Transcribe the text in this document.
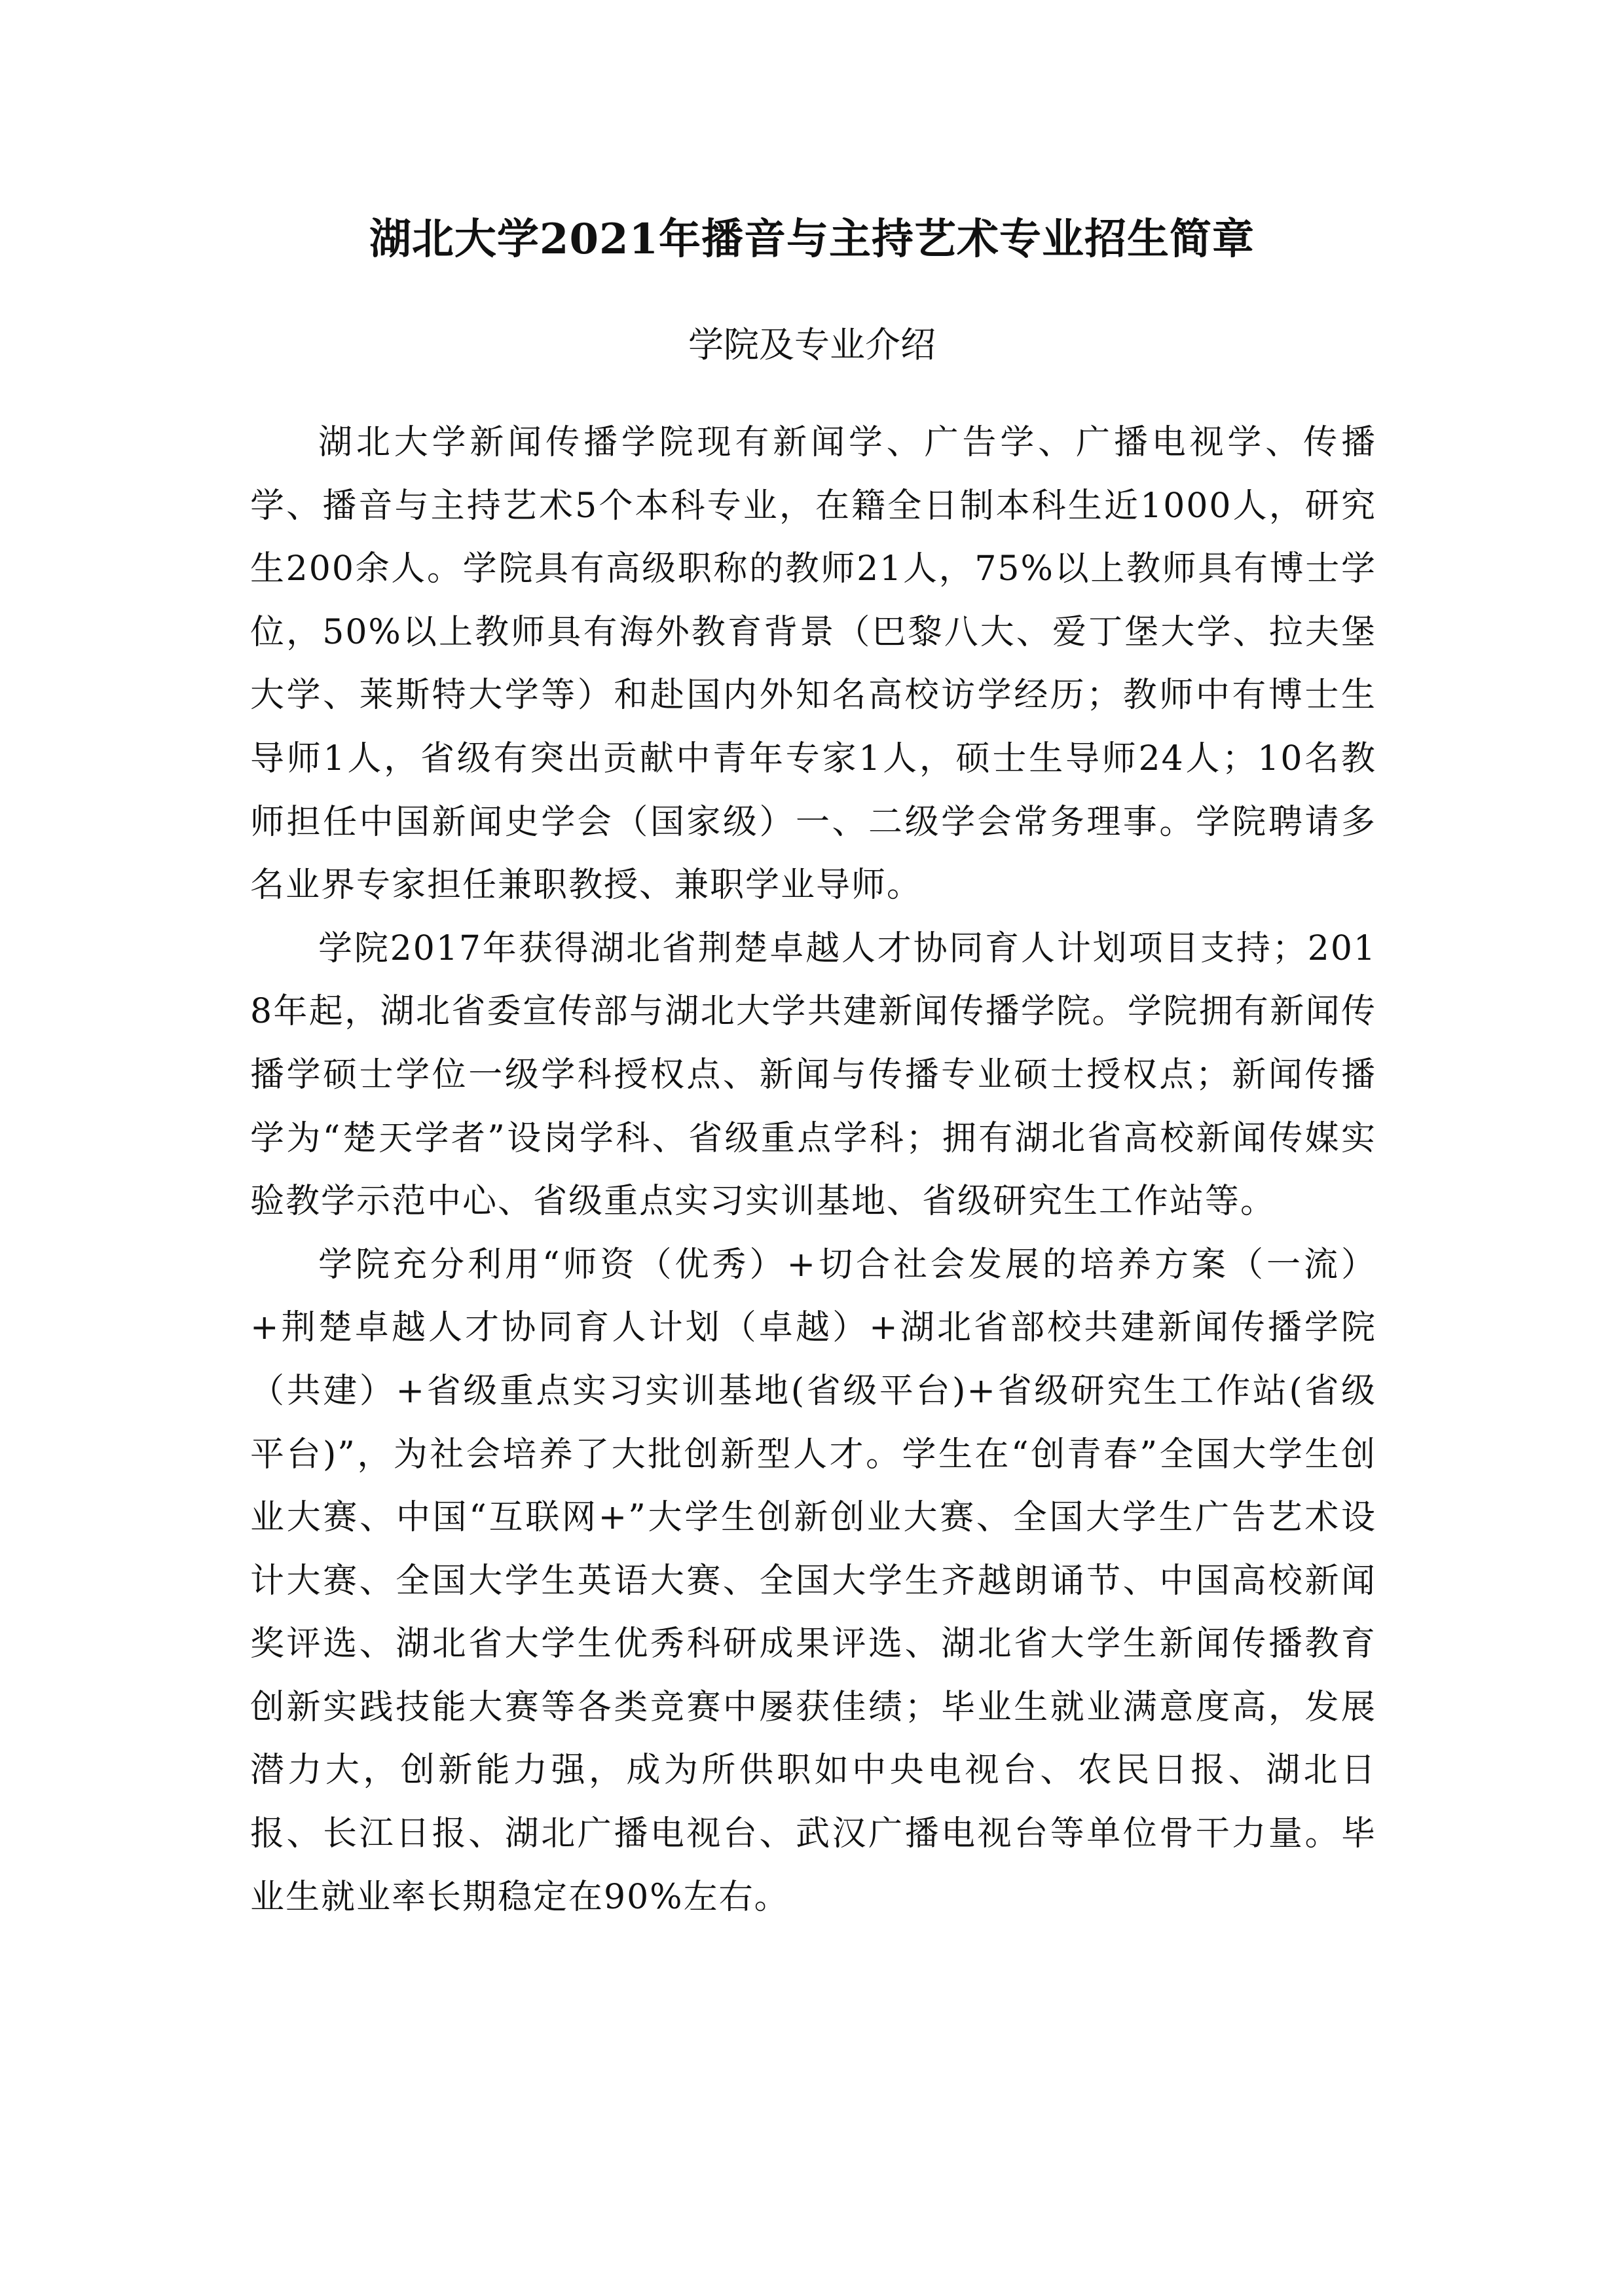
湖北大学2021年播音与主持艺术专业招生简章
学院及专业介绍

湖北大学新闻传播学院现有新闻学、广告学、广播电视学、传播学、播音与主持艺术5个本科专业，在籍全日制本科生近1000人，研究生200余人。学院具有高级职称的教师21人，75%以上教师具有博士学位，50%以上教师具有海外教育背景（巴黎八大、爱丁堡大学、拉夫堡大学、莱斯特大学等）和赴国内外知名高校访学经历；教师中有博士生导师1人，省级有突出贡献中青年专家1人，硕士生导师24人；10名教师担任中国新闻史学会（国家级）一、二级学会常务理事。学院聘请多名业界专家担任兼职教授、兼职学业导师。

学院2017年获得湖北省荆楚卓越人才协同育人计划项目支持；2018年起，湖北省委宣传部与湖北大学共建新闻传播学院。学院拥有新闻传播学硕士学位一级学科授权点、新闻与传播专业硕士授权点；新闻传播学为“楚天学者”设岗学科、省级重点学科；拥有湖北省高校新闻传媒实验教学示范中心、省级重点实习实训基地、省级研究生工作站等。

学院充分利用“师资（优秀）+切合社会发展的培养方案（一流）+荆楚卓越人才协同育人计划（卓越）+湖北省部校共建新闻传播学院（共建）+省级重点实习实训基地(省级平台)+省级研究生工作站(省级平台)”，为社会培养了大批创新型人才。学生在“创青春”全国大学生创业大赛、中国“互联网+”大学生创新创业大赛、全国大学生广告艺术设计大赛、全国大学生英语大赛、全国大学生齐越朗诵节、中国高校新闻奖评选、湖北省大学生优秀科研成果评选、湖北省大学生新闻传播教育创新实践技能大赛等各类竞赛中屡获佳绩；毕业生就业满意度高，发展潜力大，创新能力强，成为所供职如中央电视台、农民日报、湖北日报、长江日报、湖北广播电视台、武汉广播电视台等单位骨干力量。毕业生就业率长期稳定在90%左右。
